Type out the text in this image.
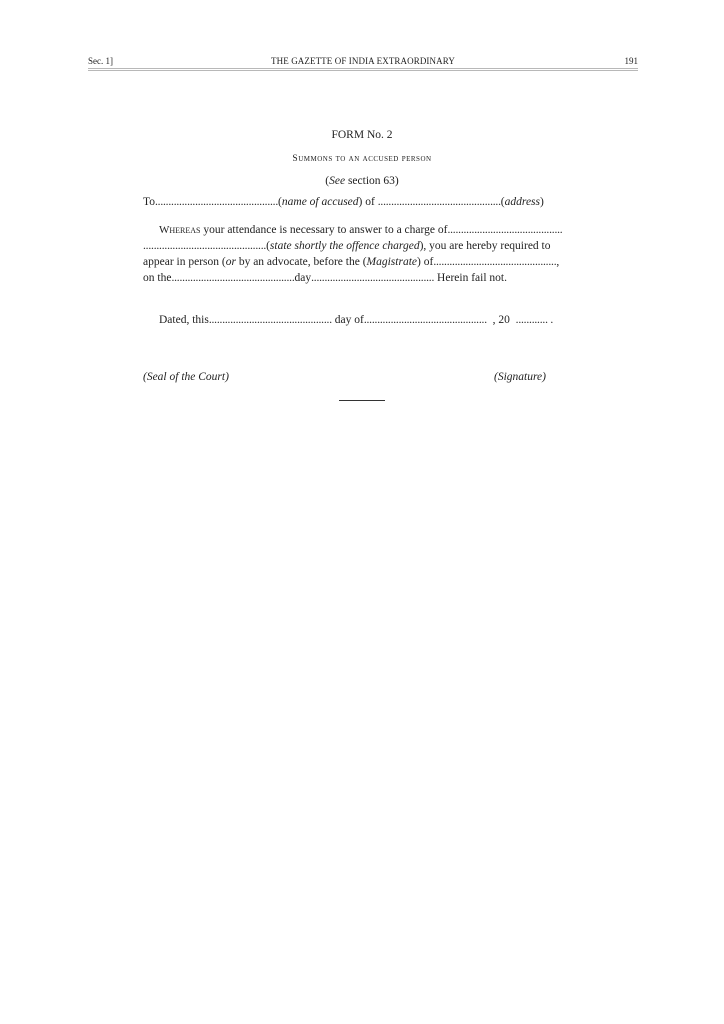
Sec. 1]	THE GAZETTE OF INDIA EXTRAORDINARY	191
FORM No. 2
Summons to an accused person
(See section 63)
To..............................................(name of accused) of ..............................................(address)
Whereas your attendance is necessary to answer to a charge of...........................................
..............................................(state shortly the offence charged), you are hereby required to
appear in person (or by an advocate, before the (Magistrate) of..............................................,
on the..............................................day.............................................. Herein fail not.
Dated, this.............................................. day of..............................................  , 20  ............ .
(Seal of the Court)	(Signature)
